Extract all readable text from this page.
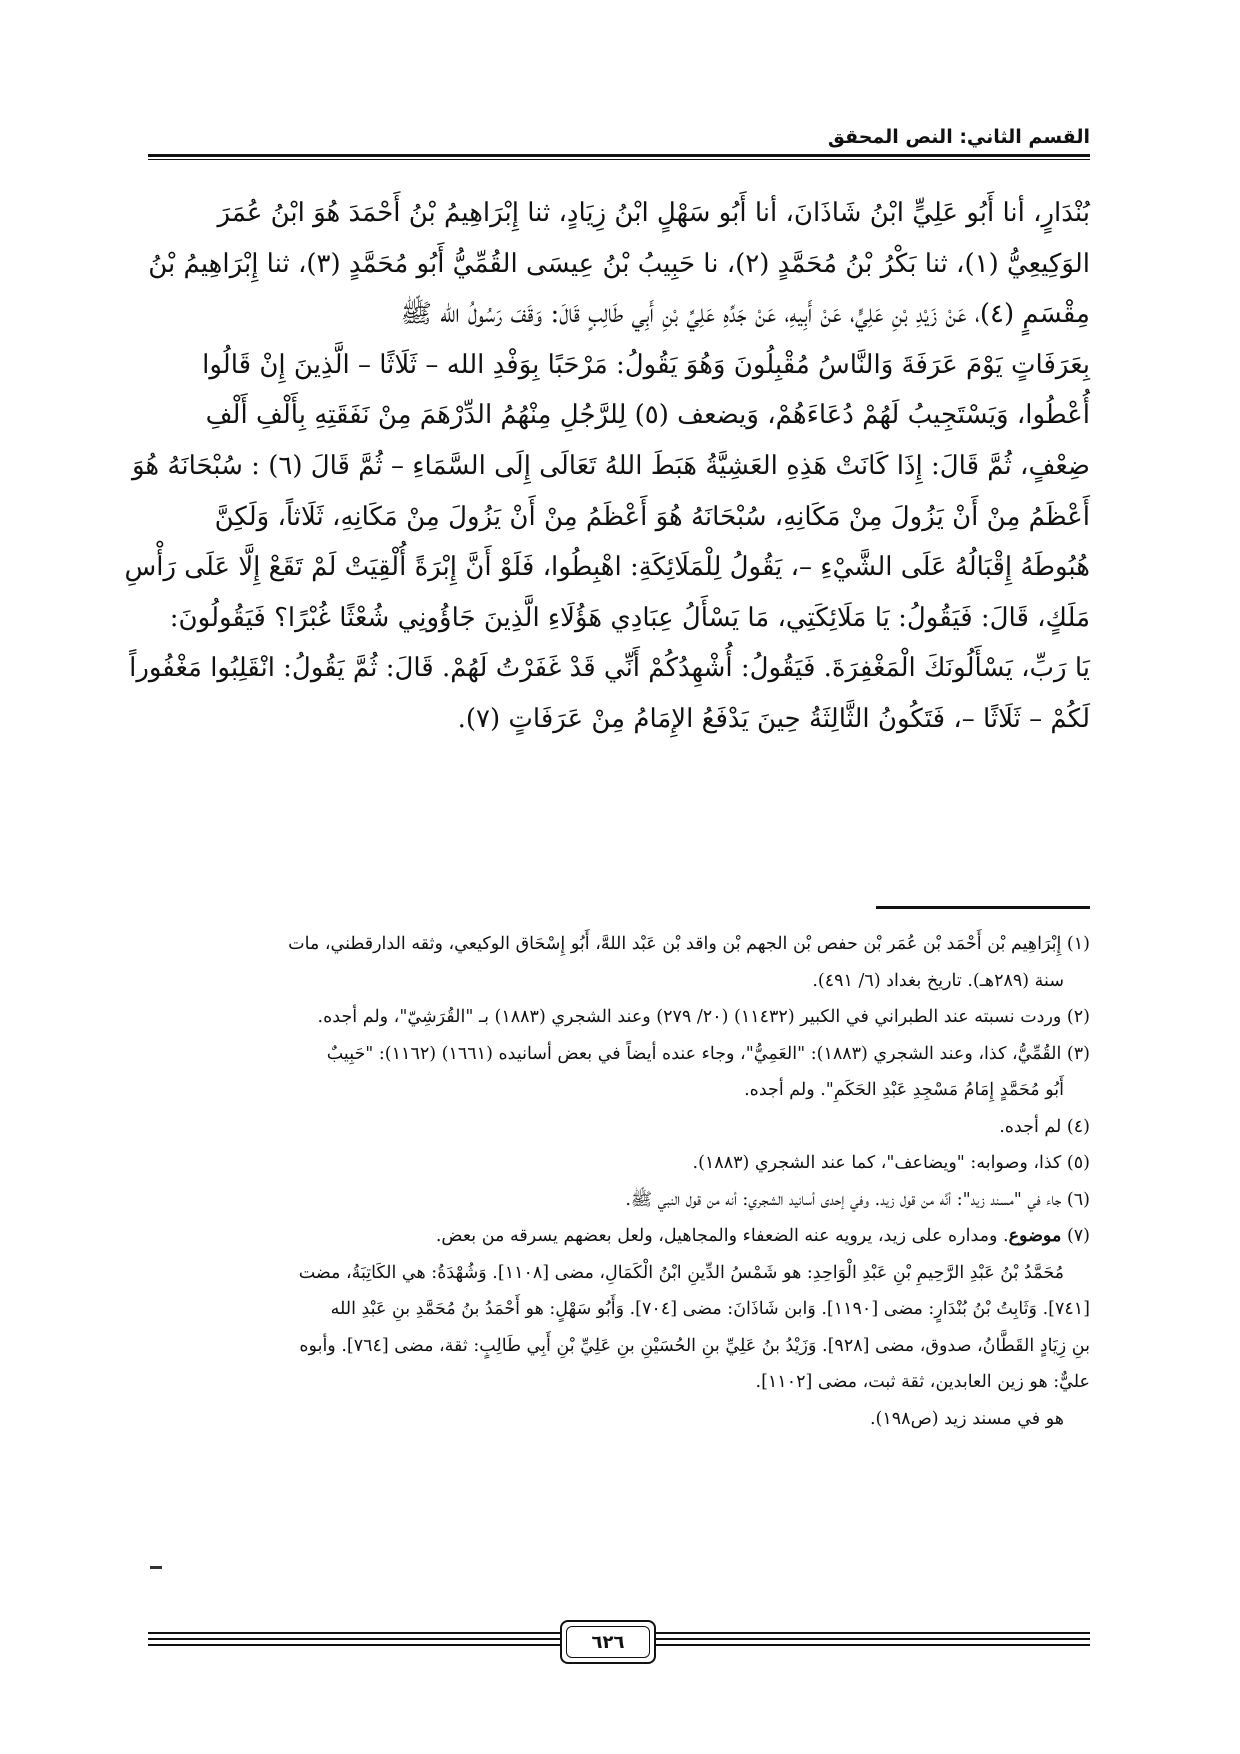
القسم الثاني: النص المحقق
بُنْدَارٍ، أنا أَبُو عَلِيٍّ ابْنُ شَاذَانَ، أنا أَبُو سَهْلٍ ابْنُ زِيَادٍ، ثنا إِبْرَاهِيمُ بْنُ أَحْمَدَ هُوَ ابْنُ عُمَرَ
الوَكِيعِيُّ (١)، ثنا بَكْرُ بْنُ مُحَمَّدٍ (٢)، نا حَبِيبُ بْنُ عِيسَى القُمِّيُّ أَبُو مُحَمَّدٍ (٣)، ثنا إِبْرَاهِيمُ بْنُ
مِقْسَمٍ (٤)، عَنْ زَيْدِ بْنِ عَلِيٍّ، عَنْ أَبِيهِ، عَنْ جَدِّهِ عَلِيِّ بْنِ أَبِي طَالِبٍ قَالَ: وَقَفَ رَسُولُ الله ﷺ
بِعَرَفَاتٍ يَوْمَ عَرَفَةَ وَالنَّاسُ مُقْبِلُونَ وَهُوَ يَقُولُ: مَرْحَبًا بِوَفْدِ الله – ثَلَاثًا – الَّذِينَ إِنْ قَالُوا
أُعْطُوا، وَيَسْتَجِيبُ لَهُمْ دُعَاءَهُمْ، وَيضعف (٥) لِلرَّجُلِ مِنْهُمُ الدِّرْهَمَ مِنْ نَفَقَتِهِ بِأَلْفِ أَلْفِ
ضِعْفٍ، ثُمَّ قَالَ: إِذَا كَانَتْ هَذِهِ العَشِيَّةُ هَبَطَ اللهُ تَعَالَى إِلَى السَّمَاءِ – ثُمَّ قَالَ (٦) : سُبْحَانَهُ هُوَ
أَعْظَمُ مِنْ أَنْ يَزُولَ مِنْ مَكَانِهِ، سُبْحَانَهُ هُوَ أَعْظَمُ مِنْ أَنْ يَزُولَ مِنْ مَكَانِهِ، ثَلَاثاً، وَلَكِنَّ
هُبُوطَهُ إِقْبَالُهُ عَلَى الشَّيْءِ –، يَقُولُ لِلْمَلَائِكَةِ: اهْبِطُوا، فَلَوْ أَنَّ إِبْرَةً أُلْقِيَتْ لَمْ تَقَعْ إِلَّا عَلَى رَأْسِ
مَلَكٍ، قَالَ: فَيَقُولُ: يَا مَلَائِكَتِي، مَا يَسْأَلُ عِبَادِي هَؤُلَاءِ الَّذِينَ جَاؤُونِي شُعْثًا غُبْرًا؟ فَيَقُولُونَ:
يَا رَبِّ، يَسْأَلُونَكَ الْمَغْفِرَةَ. فَيَقُولُ: أُشْهِدُكُمْ أَنِّي قَدْ غَفَرْتُ لَهُمْ. قَالَ: ثُمَّ يَقُولُ: انْقَلِبُوا مَغْفُوراً
لَكُمْ – ثَلَاثًا –، فَتَكُونُ الثَّالِثَةُ حِينَ يَدْفَعُ الإِمَامُ مِنْ عَرَفَاتٍ (٧).
(١) إِبْرَاهِيم بْن أَحْمَد بْن عُمَر بْن حفص بْن الجهم بْن واقد بْن عَبْد اللهَّ، أَبُو إِسْحَاق الوكيعي، وثقه الدارقطني، مات
سنة (٢٨٩هـ). تاريخ بغداد (٦/ ٤٩١).
(٢) وردت نسبته عند الطبراني في الكبير (١١٤٣٢) (٢٠/ ٢٧٩) وعند الشجري (١٨٨٣) بـ "القُرَشِيّ"، ولم أجده.
(٣) القُمِّيُّ، كذا، وعند الشجري (١٨٨٣): "العَمِيُّ"، وجاء عنده أيضاً في بعض أسانيده (١٦٦١) (١١٦٢): "حَبِيبٌ
أَبُو مُحَمَّدٍ إِمَامُ مَسْجِدِ عَبْدِ الحَكَمِ". ولم أجده.
(٤) لم أجده.
(٥) كذا، وصوابه: "ويضاعف"، كما عند الشجري (١٨٨٣).
(٦) جاء في "مسند زيد": أنَّه من قول زيد. وفي إحدى أسانيد الشجري: أنه من قول النبي ﷺ.
(٧) موضوع. ومداره على زيد، يرويه عنه الضعفاء والمجاهيل، ولعل بعضهم يسرقه من بعض.
مُحَمَّدُ بْنُ عَبْدِ الرَّحِيمِ بْنِ عَبْدِ الْوَاحِدِ: هو شَمْسُ الدِّينِ ابْنُ الْكَمَالِ، مضى [١١٠٨]. وَشُهْدَةُ: هي الكَاتِبَةُ، مضت
[٧٤١]. وَثَابِتُ بْنُ بُنْدَارٍ: مضى [١١٩٠]. وَابن شَاذَانَ: مضى [٧٠٤]. وَأَبُو سَهْلٍ: هو أَحْمَدُ بنُ مُحَمَّدِ بنِ عَبْدِ الله
بنِ زِيَادٍ القَطَّانُ، صدوق، مضى [٩٢٨]. وَزَيْدُ بنُ عَلِيِّ بنِ الحُسَيْنِ بنِ عَلِيِّ بْنِ أَبِي طَالِبٍ: ثقة، مضى [٧٦٤]. وأبوه
عليٌّ: هو زين العابدين، ثقة ثبت، مضى [١١٠٢].
هو في مسند زيد (ص١٩٨).
٦٢٦
